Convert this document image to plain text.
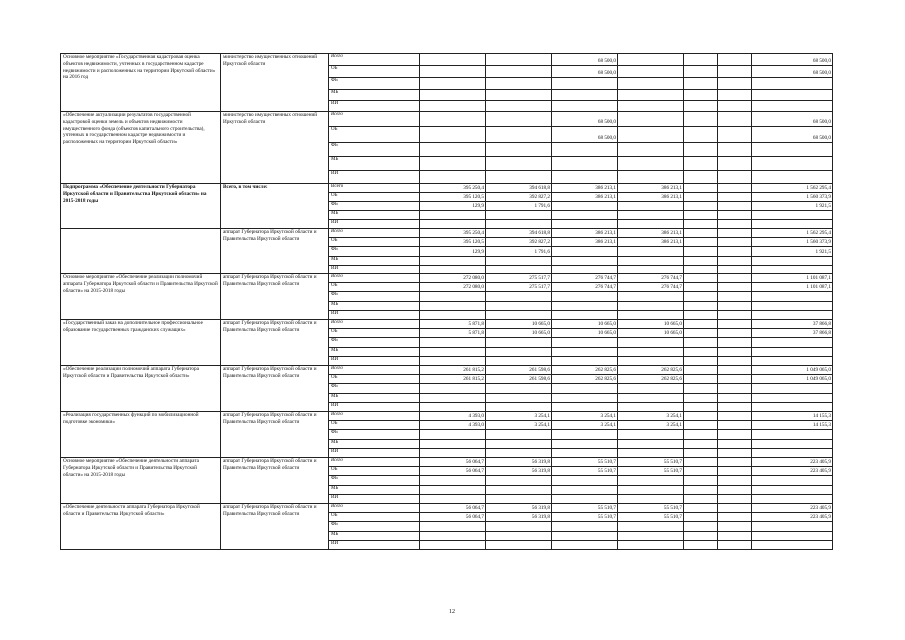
Основное мероприятие «Государственная кадастровая оценка объектов недвижимости, учтенных в государственном кадастре недвижимости и расположенных на территории Иркутской области» на 2016 год	министерство имущественных отношений Иркутской области	Всего			68 500,0				68 500,0
		ОБ			68 500,0				68 500,0
		ФБ							
		МБ							
		ИИ							
«Обеспечение актуализации результатов государственной кадастровой оценки земель и объектов недвижимости имущественного фонда (объектов капитального строительства), учтенных в государственном кадастре недвижимости и расположенных на территории Иркутской области»	министерство имущественных отношений Иркутской области	Всего			68 500,0				68 500,0
		ОБ			68 500,0				68 500,0
		ФБ							
		МБ							
		ИИ							
Подпрограмма «Обеспечение деятельности Губернатора Иркутской области и Правительства Иркутской области» на 2015-2018 годы	Всего, в том числе:	Всего	395 250,4	394 618,8	386 213,1	386 213,1			1 562 295,4
		ОБ	395 120,5	392 827,2	386 213,1	386 213,1			1 560 373,9
		ФБ	129,9	1 791,6					1 921,5
		МБ							
		ИИ							
	аппарат Губернатора Иркутской области и Правительства Иркутской области	Всего	395 250,4	394 618,8	386 213,1	386 213,1			1 562 295,4
		ОБ	395 120,5	392 827,2	386 213,1	386 213,1			1 560 373,9
		ФБ	129,9	1 791,6					1 921,5
		МБ							
		ИИ							
Основное мероприятие «Обеспечение реализации полномочий аппарата Губернатора Иркутской области и Правительства Иркутской области» на 2015-2018 годы	аппарат Губернатора Иркутской области и Правительства Иркутской области	Всего	272 080,0	275 517,7	276 744,7	276 744,7			1 101 087,1
		ОБ	272 080,0	275 517,7	276 744,7	276 744,7			1 101 087,1
		ФБ							
		МБ							
		ИИ							
«Государственный заказ на дополнительное профессиональное образование государственных гражданских служащих»	аппарат Губернатора Иркутской области и Правительства Иркутской области	Всего	5 871,8	10 665,0	10 665,0	10 665,0			37 866,8
		ОБ	5 871,8	10 665,0	10 665,0	10 665,0			37 866,8
		ФБ							
		МБ							
		ИИ							
«Обеспечение реализации полномочий аппарата Губернатора Иркутской области и Правительства Иркутской области»	аппарат Губернатора Иркутской области и Правительства Иркутской области	Всего	261 815,2	261 598,6	262 825,6	262 825,6			1 049 065,0
		ОБ	261 815,2	261 598,6	262 825,6	262 825,6			1 049 065,0
		ФБ							
		МБ							
		ИИ							
«Реализация государственных функций по мобилизационной подготовке экономики»	аппарат Губернатора Иркутской области и Правительства Иркутской области	Всего	4 393,0	3 254,1	3 254,1	3 254,1			14 155,3
		ОБ	4 393,0	3 254,1	3 254,1	3 254,1			14 155,3
		ФБ							
		МБ							
		ИИ							
Основное мероприятие «Обеспечение деятельности аппарата Губернатора Иркутской области и Правительства Иркутской области» на 2015-2018 годы	аппарат Губернатора Иркутской области и Правительства Иркутской области	Всего	56 064,7	56 319,8	55 510,7	55 510,7			223 405,9
		ОБ	56 064,7	56 319,8	55 510,7	55 510,7			223 405,9
		ФБ							
		МБ							
		ИИ							
«Обеспечение деятельности аппарата Губернатора Иркутской области и Правительства Иркутской области»	аппарат Губернатора Иркутской области и Правительства Иркутской области	Всего	56 064,7	56 319,8	55 510,7	55 510,7			223 405,9
		ОБ	56 064,7	56 319,8	55 510,7	55 510,7			223 405,9
		ФБ							
		МБ							
		ИИ							
12
